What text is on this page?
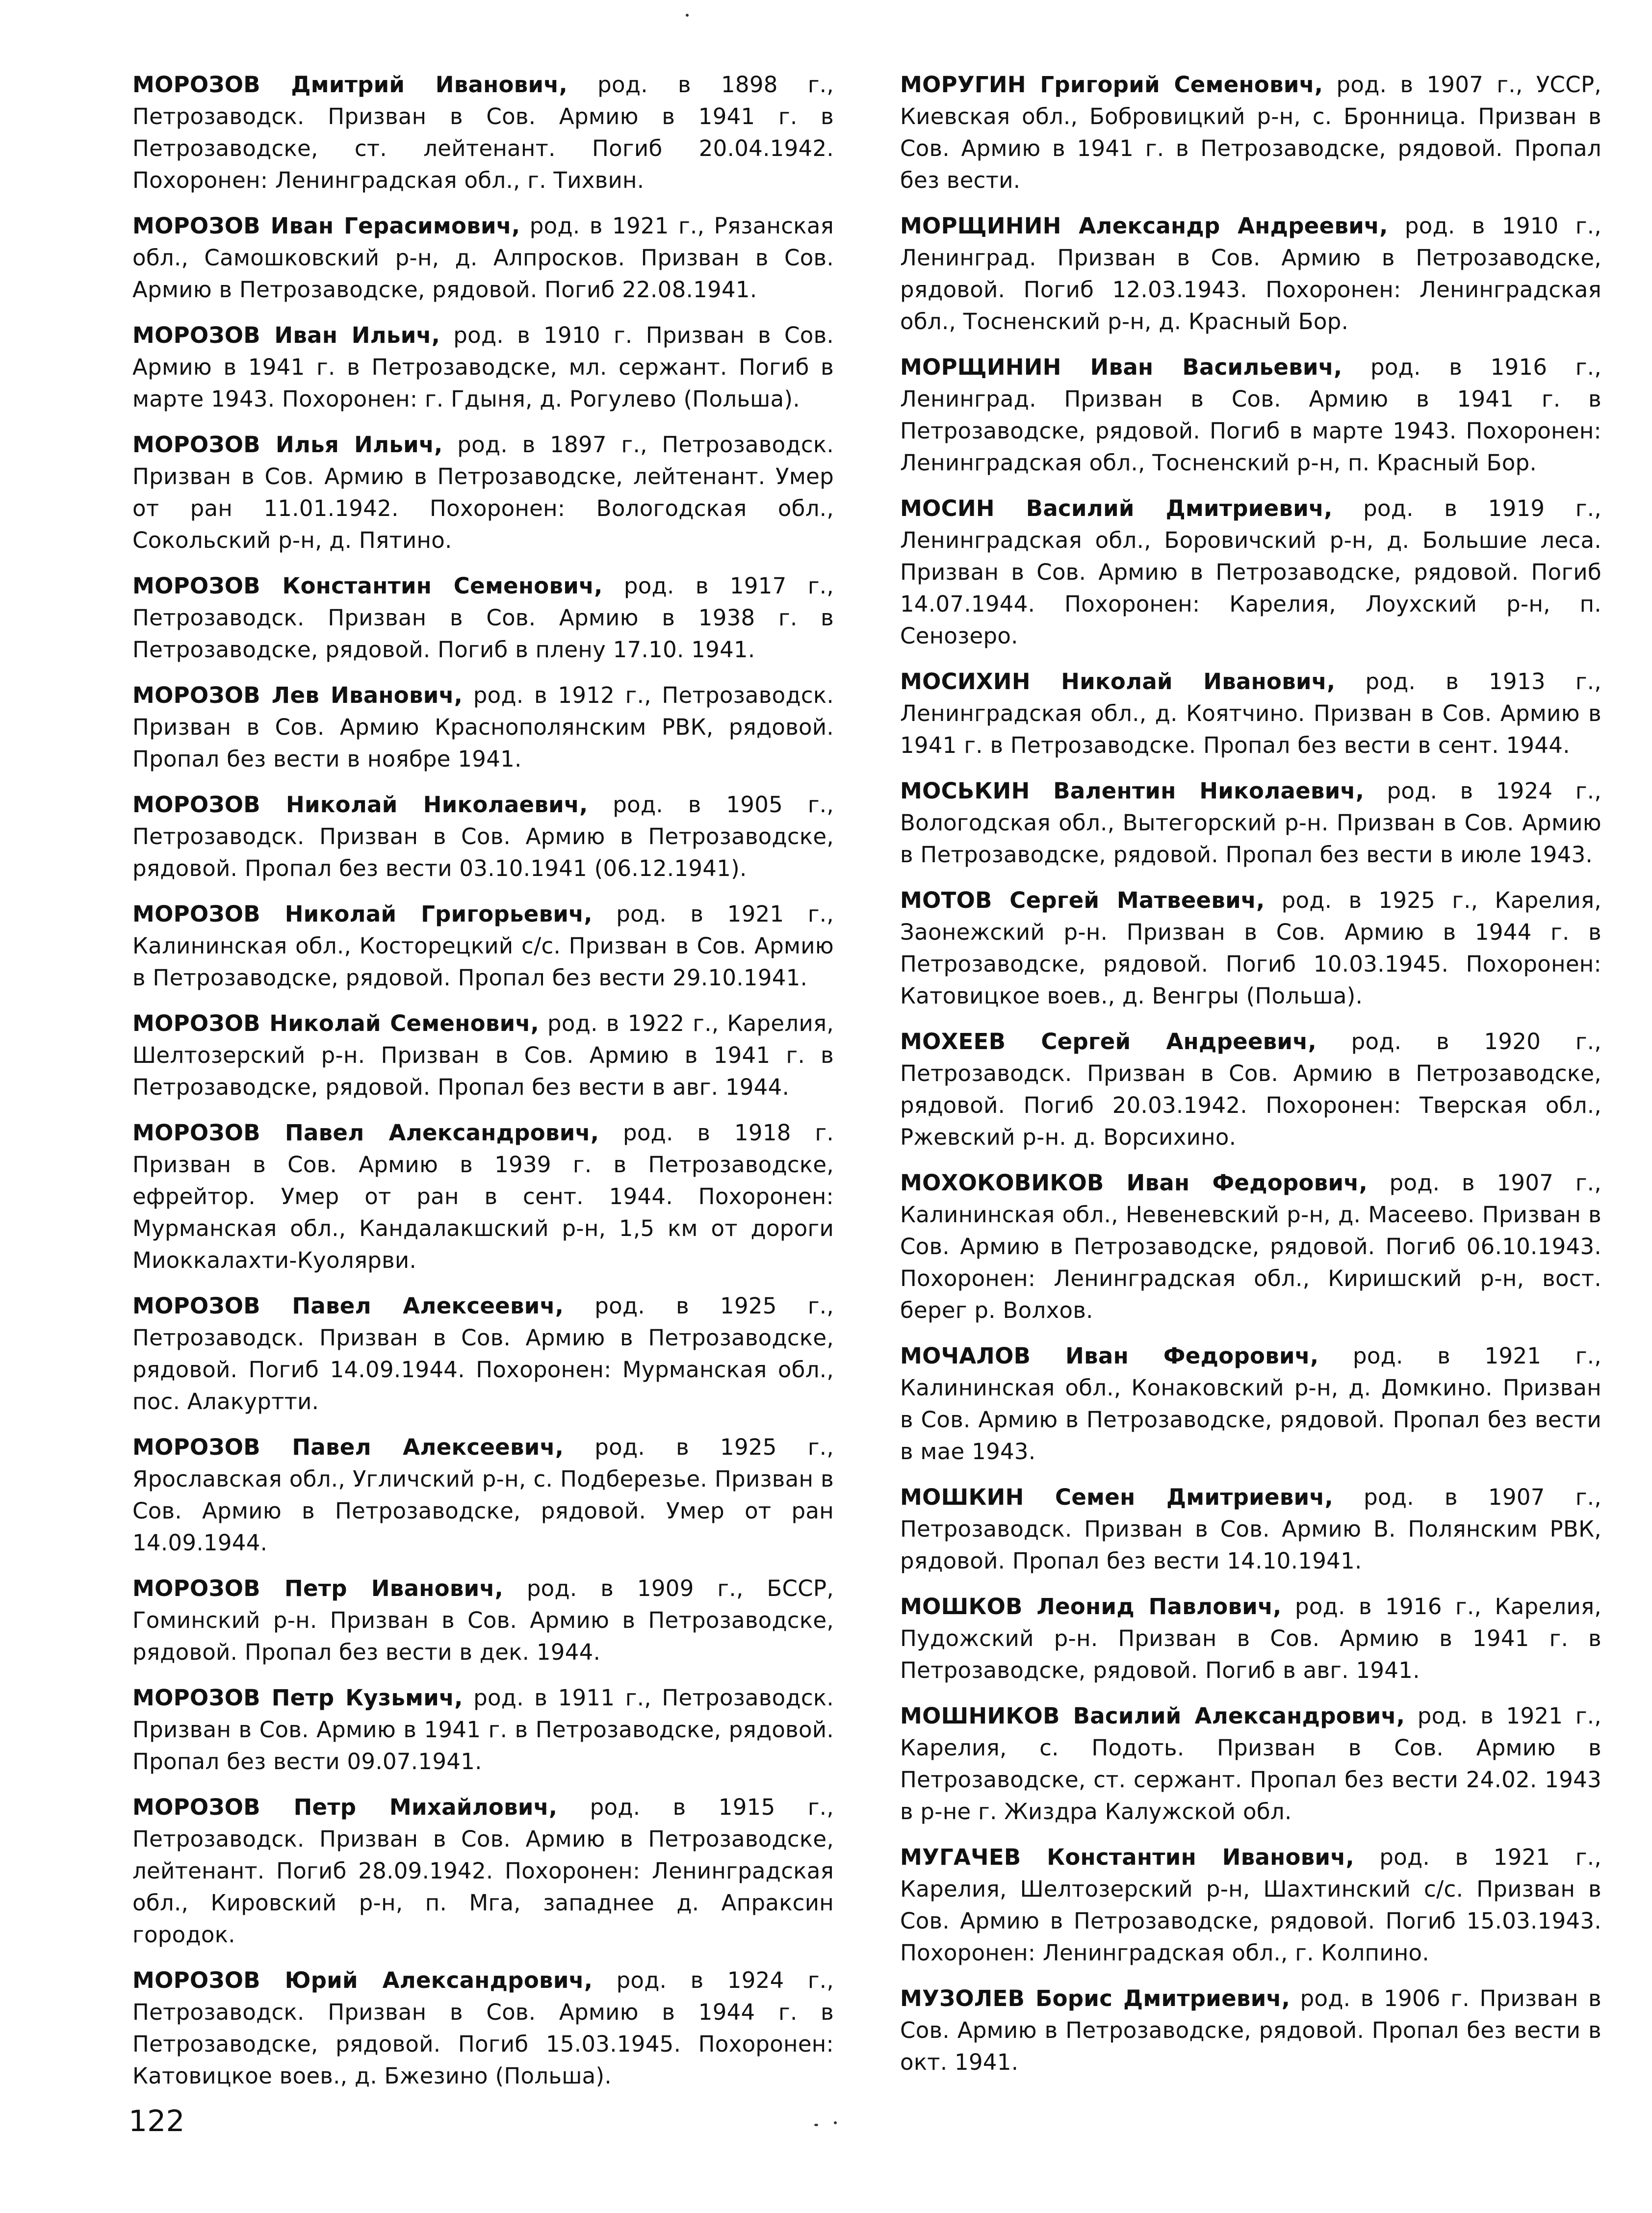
МОРОЗОВ Дмитрий Иванович, род. в 1898 г., Петрозаводск. Призван в Сов. Армию в 1941 г. в Петрозаводске, ст. лейтенант. Погиб 20.04.1942. Похоронен: Ленинградская обл., г. Тихвин.

МОРОЗОВ Иван Герасимович, род. в 1921 г., Рязанская обл., Самошковский р-н, д. Алпросков. Призван в Сов. Армию в Петрозаводске, рядовой. Погиб 22.08.1941.

МОРОЗОВ Иван Ильич, род. в 1910 г. Призван в Сов. Армию в 1941 г. в Петрозаводске, мл. сержант. Погиб в марте 1943. Похоронен: г. Гдыня, д. Рогулево (Польша).

МОРОЗОВ Илья Ильич, род. в 1897 г., Петрозаводск. Призван в Сов. Армию в Петрозаводске, лейтенант. Умер от ран 11.01.1942. Похоронен: Вологодская обл., Сокольский р-н, д. Пятино.

МОРОЗОВ Константин Семенович, род. в 1917 г., Петрозаводск. Призван в Сов. Армию в 1938 г. в Петрозаводске, рядовой. Погиб в плену 17.10. 1941.

МОРОЗОВ Лев Иванович, род. в 1912 г., Петрозаводск. Призван в Сов. Армию Краснополянским РВК, рядовой. Пропал без вести в ноябре 1941.

МОРОЗОВ Николай Николаевич, род. в 1905 г., Петрозаводск. Призван в Сов. Армию в Петрозаводске, рядовой. Пропал без вести 03.10.1941 (06.12.1941).

МОРОЗОВ Николай Григорьевич, род. в 1921 г., Калининская обл., Косторецкий с/с. Призван в Сов. Армию в Петрозаводске, рядовой. Пропал без вести 29.10.1941.

МОРОЗОВ Николай Семенович, род. в 1922 г., Карелия, Шелтозерский р-н. Призван в Сов. Армию в 1941 г. в Петрозаводске, рядовой. Пропал без вести в авг. 1944.

МОРОЗОВ Павел Александрович, род. в 1918 г. Призван в Сов. Армию в 1939 г. в Петрозаводске, ефрейтор. Умер от ран в сент. 1944. Похоронен: Мурманская обл., Кандалакшский р-н, 1,5 км от дороги Миоккалахти-Куолярви.

МОРОЗОВ Павел Алексеевич, род. в 1925 г., Петрозаводск. Призван в Сов. Армию в Петрозаводске, рядовой. Погиб 14.09.1944. Похоронен: Мурманская обл., пос. Алакуртти.

МОРОЗОВ Павел Алексеевич, род. в 1925 г., Ярославская обл., Угличский р-н, с. Подберезье. Призван в Сов. Армию в Петрозаводске, рядовой. Умер от ран 14.09.1944.

МОРОЗОВ Петр Иванович, род. в 1909 г., БССР, Гоминский р-н. Призван в Сов. Армию в Петрозаводске, рядовой. Пропал без вести в дек. 1944.

МОРОЗОВ Петр Кузьмич, род. в 1911 г., Петрозаводск. Призван в Сов. Армию в 1941 г. в Петрозаводске, рядовой. Пропал без вести 09.07.1941.

МОРОЗОВ Петр Михайлович, род. в 1915 г., Петрозаводск. Призван в Сов. Армию в Петрозаводске, лейтенант. Погиб 28.09.1942. Похоронен: Ленинградская обл., Кировский р-н, п. Мга, западнее д. Апраксин городок.

МОРОЗОВ Юрий Александрович, род. в 1924 г., Петрозаводск. Призван в Сов. Армию в 1944 г. в Петрозаводске, рядовой. Погиб 15.03.1945. Похоронен: Катовицкое воев., д. Бжезино (Польша).

МОРУГИН Григорий Семенович, род. в 1907 г., УССР, Киевская обл., Бобровицкий р-н, с. Бронница. Призван в Сов. Армию в 1941 г. в Петрозаводске, рядовой. Пропал без вести.

МОРЩИНИН Александр Андреевич, род. в 1910 г., Ленинград. Призван в Сов. Армию в Петрозаводске, рядовой. Погиб 12.03.1943. Похоронен: Ленинградская обл., Тосненский р-н, д. Красный Бор.

МОРЩИНИН Иван Васильевич, род. в 1916 г., Ленинград. Призван в Сов. Армию в 1941 г. в Петрозаводске, рядовой. Погиб в марте 1943. Похоронен: Ленинградская обл., Тосненский р-н, п. Красный Бор.

МОСИН Василий Дмитриевич, род. в 1919 г., Ленинградская обл., Боровичский р-н, д. Большие леса. Призван в Сов. Армию в Петрозаводске, рядовой. Погиб 14.07.1944. Похоронен: Карелия, Лоухский р-н, п. Сенозеро.

МОСИХИН Николай Иванович, род. в 1913 г., Ленинградская обл., д. Коятчино. Призван в Сов. Армию в 1941 г. в Петрозаводске. Пропал без вести в сент. 1944.

МОСЬКИН Валентин Николаевич, род. в 1924 г., Вологодская обл., Вытегорский р-н. Призван в Сов. Армию в Петрозаводске, рядовой. Пропал без вести в июле 1943.

МОТОВ Сергей Матвеевич, род. в 1925 г., Карелия, Заонежский р-н. Призван в Сов. Армию в 1944 г. в Петрозаводске, рядовой. Погиб 10.03.1945. Похоронен: Катовицкое воев., д. Венгры (Польша).

МОХЕЕВ Сергей Андреевич, род. в 1920 г., Петрозаводск. Призван в Сов. Армию в Петрозаводске, рядовой. Погиб 20.03.1942. Похоронен: Тверская обл., Ржевский р-н. д. Ворсихино.

МОХОКОВИКОВ Иван Федорович, род. в 1907 г., Калининская обл., Невеневский р-н, д. Масеево. Призван в Сов. Армию в Петрозаводске, рядовой. Погиб 06.10.1943. Похоронен: Ленинградская обл., Киришский р-н, вост. берег р. Волхов.

МОЧАЛОВ Иван Федорович, род. в 1921 г., Калининская обл., Конаковский р-н, д. Домкино. Призван в Сов. Армию в Петрозаводске, рядовой. Пропал без вести в мае 1943.

МОШКИН Семен Дмитриевич, род. в 1907 г., Петрозаводск. Призван в Сов. Армию В. Полянским РВК, рядовой. Пропал без вести 14.10.1941.

МОШКОВ Леонид Павлович, род. в 1916 г., Карелия, Пудожский р-н. Призван в Сов. Армию в 1941 г. в Петрозаводске, рядовой. Погиб в авг. 1941.

МОШНИКОВ Василий Александрович, род. в 1921 г., Карелия, с. Подоть. Призван в Сов. Армию в Петрозаводске, ст. сержант. Пропал без вести 24.02. 1943 в р-не г. Жиздра Калужской обл.

МУГАЧЕВ Константин Иванович, род. в 1921 г., Карелия, Шелтозерский р-н, Шахтинский с/с. Призван в Сов. Армию в Петрозаводске, рядовой. Погиб 15.03.1943. Похоронен: Ленинградская обл., г. Колпино.

МУЗОЛЕВ Борис Дмитриевич, род. в 1906 г. Призван в Сов. Армию в Петрозаводске, рядовой. Пропал без вести в окт. 1941.

122
